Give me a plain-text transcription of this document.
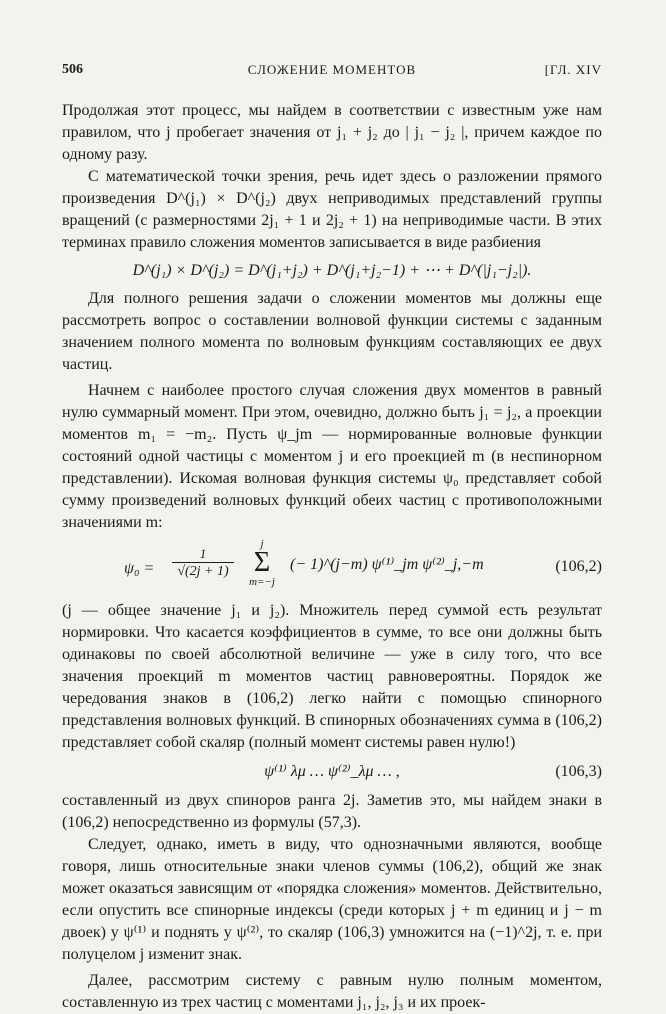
506	СЛОЖЕНИЕ МОМЕНТОВ	[ГЛ. XIV

Продолжая этот процесс, мы найдем в соответствии с известным уже нам правилом, что j пробегает значения от j₁ + j₂ до | j₁ − j₂ |, причем каждое по одному разу.

С математической точки зрения, речь идет здесь о разложении прямого произведения D^(j₁) × D^(j₂) двух неприводимых представлений группы вращений (с размерностями 2j₁ + 1 и 2j₂ + 1) на неприводимые части. В этих терминах правило сложения моментов записывается в виде разбиения

D^(j₁) × D^(j₂) = D^(j₁+j₂) + D^(j₁+j₂−1) + ⋯ + D^(|j₁−j₂|).

Для полного решения задачи о сложении моментов мы должны еще рассмотреть вопрос о составлении волновой функции системы с заданным значением полного момента по волновым функциям составляющих ее двух частиц.

Начнем с наиболее простого случая сложения двух моментов в равный нулю суммарный момент. При этом, очевидно, должно быть j₁ = j₂, а проекции моментов m₁ = −m₂. Пусть ψ_jm — нормированные волновые функции состояний одной частицы с моментом j и его проекцией m (в неспинорном представлении). Искомая волновая функция системы ψ₀ представляет собой сумму произведений волновых функций обеих частиц с противоположными значениями m:

$\psi_0 = \frac{1}{√(2j + 1)}$
j
Σ
m=−j
(− 1)^(j−m) ψ⁽¹⁾_jm ψ⁽²⁾_j,−m	(106,2)

(j — общее значение j₁ и j₂). Множитель перед суммой есть результат нормировки. Что касается коэффициентов в сумме, то все они должны быть одинаковы по своей абсолютной величине — уже в силу того, что все значения проекций m моментов частиц равновероятны. Порядок же чередования знаков в (106,2) легко найти с помощью спинорного представления волновых функций. В спинорных обозначениях сумма в (106,2) представляет собой скаляр (полный момент системы равен нулю!)

ψ⁽¹⁾ λμ … ψ⁽²⁾_λμ … ,	(106,3)

составленный из двух спиноров ранга 2j. Заметив это, мы найдем знаки в (106,2) непосредственно из формулы (57,3).

Следует, однако, иметь в виду, что однозначными являются, вообще говоря, лишь относительные знаки членов суммы (106,2), общий же знак может оказаться зависящим от «порядка сложения» моментов. Действительно, если опустить все спинорные индексы (среди которых j + m единиц и j − m двоек) у ψ⁽¹⁾ и поднять у ψ⁽²⁾, то скаляр (106,3) умножится на (−1)^2j, т. е. при полуцелом j изменит знак.

Далее, рассмотрим систему с равным нулю полным моментом, составленную из трех частиц с моментами j₁, j₂, j₃ и их проек-
